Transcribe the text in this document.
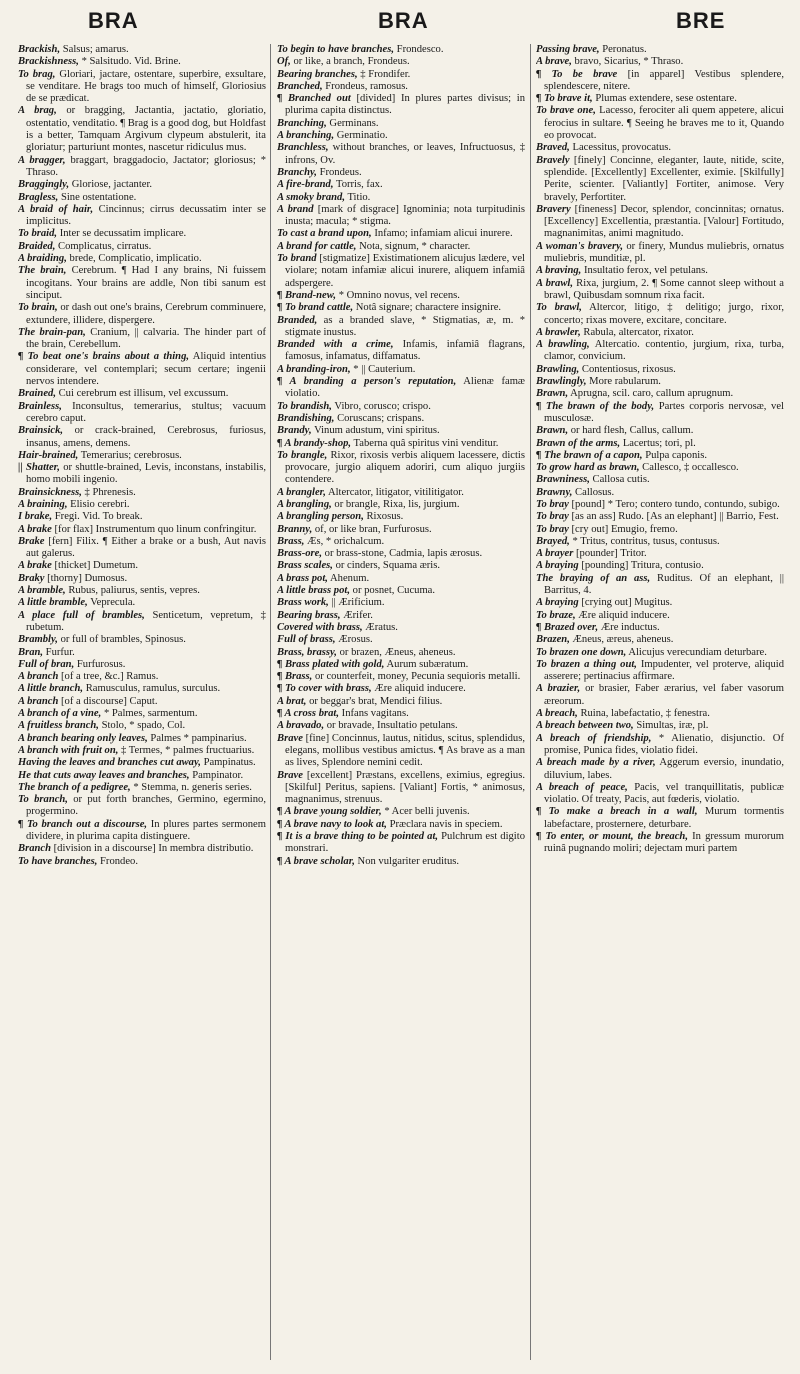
BRA	BRA	BRE

Brackish, Salsus; amarus.

Brackishness, * Salsitudo. Vid. Brine.

To brag, Gloriari, jactare, ostentare, superbire, exsultare, se venditare. He brags too much of himself, Gloriosius de se prædicat.

A brag, or bragging, Jactantia, jactatio, gloriatio, ostentatio, venditatio. ¶ Brag is a good dog, but Holdfast is a better, Tamquam Argivum clypeum abstulerit, ita gloriatur; parturiunt montes, nascetur ridiculus mus.

A bragger, braggart, braggadocio, Jactator; gloriosus; * Thraso.

Braggingly, Gloriose, jactanter.

Bragless, Sine ostentatione.

A braid of hair, Cincinnus; cirrus decussatim inter se implicitus.

To braid, Inter se decussatim implicare.

Braided, Complicatus, cirratus.

A braiding, brede, Complicatio, implicatio.

The brain, Cerebrum. ¶ Had I any brains, Ni fuissem incogitans. Your brains are addle, Non tibi sanum est sinciput.

To brain, or dash out one's brains, Cerebrum comminuere, extundere, illidere, dispergere.

The brain-pan, Cranium, || calvaria. The hinder part of the brain, Cerebellum.

¶ To beat one's brains about a thing, Aliquid intentius considerare, vel contemplari; secum certare; ingenii nervos intendere.

Brained, Cui cerebrum est illisum, vel excussum.

Brainless, Inconsultus, temerarius, stultus; vacuum cerebro caput.

Brainsick, or crack-brained, Cerebrosus, furiosus, insanus, amens, demens.

Hair-brained, Temerarius; cerebrosus.

|| Shatter, or shuttle-brained, Levis, inconstans, instabilis, homo mobili ingenio.

Brainsickness, ‡ Phrenesis.

A braining, Elisio cerebri.

I brake, Fregi. Vid. To break.

A brake [for flax] Instrumentum quo linum confringitur.

Brake [fern] Filix. ¶ Either a brake or a bush, Aut navis aut galerus.

A brake [thicket] Dumetum.

Braky [thorny] Dumosus.

A bramble, Rubus, paliurus, sentis, vepres.

A little bramble, Veprecula.

A place full of brambles, Senticetum, vepretum, ‡ rubetum.

Brambly, or full of brambles, Spinosus.

Bran, Furfur.

Full of bran, Furfurosus.

A branch [of a tree, &c.] Ramus.

A little branch, Ramusculus, ramulus, surculus.

A branch [of a discourse] Caput.

A branch of a vine, * Palmes, sarmentum.

A fruitless branch, Stolo, * spado, Col.

A branch bearing only leaves, Palmes * pampinarius.

A branch with fruit on, ‡ Termes, * palmes fructuarius.

Having the leaves and branches cut away, Pampinatus.

He that cuts away leaves and branches, Pampinator.

The branch of a pedigree, * Stemma, n. generis series.

To branch, or put forth branches, Germino, egermino, progermino.

¶ To branch out a discourse, In plures partes sermonem dividere, in plurima capita distinguere.

Branch [division in a discourse] In membra distributio.

To have branches, Frondeo.

To begin to have branches, Frondesco.

Of, or like, a branch, Frondeus.

Bearing branches, ‡ Frondifer.

Branched, Frondeus, ramosus.

¶ Branched out [divided] In plures partes divisus; in plurima capita distinctus.

Branching, Germinans.

A branching, Germinatio.

Branchless, without branches, or leaves, Infructuosus, ‡ infrons, Ov.

Branchy, Frondeus.

A fire-brand, Torris, fax.

A smoky brand, Titio.

A brand [mark of disgrace] Ignominia; nota turpitudinis inusta; macula; * stigma.

To cast a brand upon, Infamo; infamiam alicui inurere.

A brand for cattle, Nota, signum, * character.

To brand [stigmatize] Existimationem alicujus lædere, vel violare; notam infamiæ alicui inurere, aliquem infamiâ adspergere.

¶ Brand-new, * Omnino novus, vel recens.

¶ To brand cattle, Notâ signare; charactere insignire.

Branded, as a branded slave, * Stigmatias, æ, m. * stigmate inustus.

Branded with a crime, Infamis, infamiâ flagrans, famosus, infamatus, diffamatus.

A branding-iron, * || Cauterium.

¶ A branding a person's reputation, Alienæ famæ violatio.

To brandish, Vibro, corusco; crispo.

Brandishing, Coruscans; crispans.

Brandy, Vinum adustum, vini spiritus.

¶ A brandy-shop, Taberna quâ spiritus vini venditur.

To brangle, Rixor, rixosis verbis aliquem lacessere, dictis provocare, jurgio aliquem adoriri, cum aliquo jurgiis contendere.

A brangler, Altercator, litigator, vitilitigator.

A brangling, or brangle, Rixa, lis, jurgium.

A brangling person, Rixosus.

Branny, of, or like bran, Furfurosus.

Brass, Æs, * orichalcum.

Brass-ore, or brass-stone, Cadmia, lapis ærosus.

Brass scales, or cinders, Squama æris.

A brass pot, Ahenum.

A little brass pot, or posnet, Cucuma.

Brass work, || Ærificium.

Bearing brass, Ærifer.

Covered with brass, Æratus.

Full of brass, Ærosus.

Brass, brassy, or brazen, Æneus, aheneus.

¶ Brass plated with gold, Aurum subæratum.

¶ Brass, or counterfeit, money, Pecunia sequioris metalli.

¶ To cover with brass, Ære aliquid inducere.

A brat, or beggar's brat, Mendici filius.

¶ A cross brat, Infans vagitans.

A bravado, or bravade, Insultatio petulans.

Brave [fine] Concinnus, lautus, nitidus, scitus, splendidus, elegans, mollibus vestibus amictus. ¶ As brave as a man as lives, Splendore nemini cedit.

Brave [excellent] Præstans, excellens, eximius, egregius. [Skilful] Peritus, sapiens. [Valiant] Fortis, * animosus, magnanimus, strenuus.

¶ A brave young soldier, * Acer belli juvenis.

¶ A brave navy to look at, Præclara navis in speciem.

¶ It is a brave thing to be pointed at, Pulchrum est digito monstrari.

¶ A brave scholar, Non vulgariter eruditus.

Passing brave, Peronatus.

A brave, bravo, Sicarius, * Thraso.

¶ To be brave [in apparel] Vestibus splendere, splendescere, nitere.

¶ To brave it, Plumas extendere, sese ostentare.

To brave one, Lacesso, ferociter ali quem appetere, alicui ferocius in sultare. ¶ Seeing he braves me to it, Quando eo provocat.

Braved, Lacessitus, provocatus.

Bravely [finely] Concinne, eleganter, laute, nitide, scite, splendide. [Excellently] Excellenter, eximie. [Skilfully] Perite, scienter. [Valiantly] Fortiter, animose. Very bravely, Perfortiter.

Bravery [fineness] Decor, splendor, concinnitas; ornatus. [Excellency] Excellentia, præstantia. [Valour] Fortitudo, magnanimitas, animi magnitudo.

A woman's bravery, or finery, Mundus muliebris, ornatus muliebris, munditiæ, pl.

A braving, Insultatio ferox, vel petulans.

A brawl, Rixa, jurgium, 2. ¶ Some cannot sleep without a brawl, Quibusdam somnum rixa facit.

To brawl, Altercor, litigo, ‡ delitigo; jurgo, rixor, concerto; rixas movere, excitare, concitare.

A brawler, Rabula, altercator, rixator.

A brawling, Altercatio. contentio, jurgium, rixa, turba, clamor, convicium.

Brawling, Contentiosus, rixosus.

Brawlingly, More rabularum.

Brawn, Aprugna, scil. caro, callum aprugnum.

¶ The brawn of the body, Partes corporis nervosæ, vel musculosæ.

Brawn, or hard flesh, Callus, callum.

Brawn of the arms, Lacertus; tori, pl.

¶ The brawn of a capon, Pulpa caponis.

To grow hard as brawn, Callesco, ‡ occallesco.

Brawniness, Callosa cutis.

Brawny, Callosus.

To bray [pound] * Tero; contero tundo, contundo, subigo.

To bray [as an ass] Rudo. [As an elephant] || Barrio, Fest.

To bray [cry out] Emugio, fremo.

Brayed, * Tritus, contritus, tusus, contusus.

A brayer [pounder] Tritor.

A braying [pounding] Tritura, contusio.

The braying of an ass, Ruditus. Of an elephant, || Barritus, 4.

A braying [crying out] Mugitus.

To braze, Ære aliquid inducere.

¶ Brazed over, Ære inductus.

Brazen, Æneus, æreus, aheneus.

To brazen one down, Alicujus verecundiam deturbare.

To brazen a thing out, Impudenter, vel proterve, aliquid asserere; pertinacius affirmare.

A brazier, or brasier, Faber ærarius, vel faber vasorum æreorum.

A breach, Ruina, labefactatio, ‡ fenestra.

A breach between two, Simultas, iræ, pl.

A breach of friendship, * Alienatio, disjunctio. Of promise, Punica fides, violatio fidei.

A breach made by a river, Aggerum eversio, inundatio, diluvium, labes.

A breach of peace, Pacis, vel tranquillitatis, publicæ violatio. Of treaty, Pacis, aut fœderis, violatio.

¶ To make a breach in a wall, Murum tormentis labefactare, prosternere, deturbare.

¶ To enter, or mount, the breach, In gressum murorum ruinâ pugnando moliri; dejectam muri partem
